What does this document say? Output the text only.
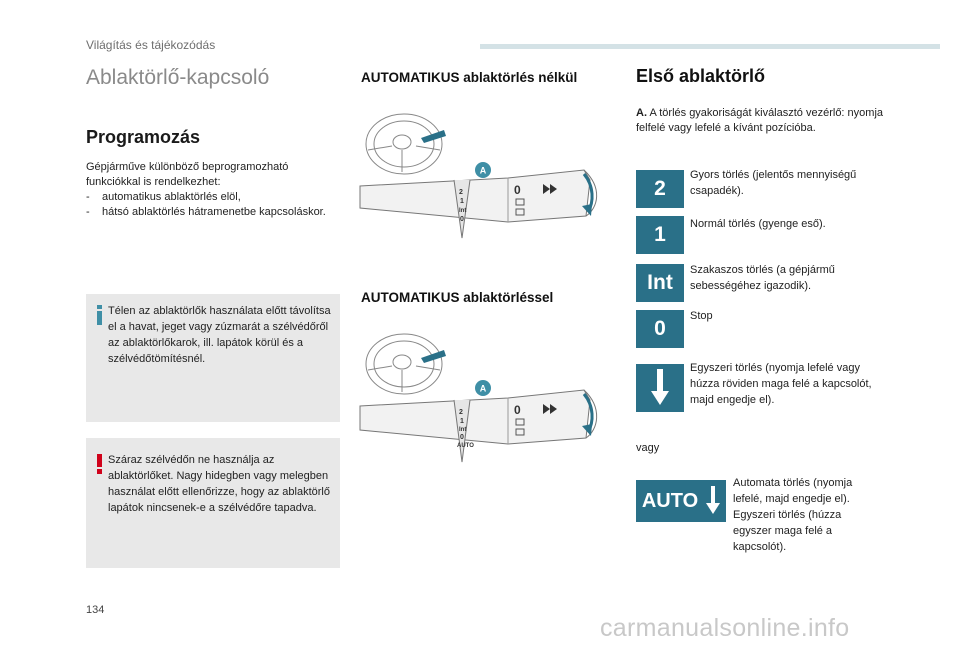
Világítás és tájékozódás
Ablaktörlő-kapcsoló
Programozás
Gépjárműve különböző beprogramozható funkciókkal is rendelkezhet:
- automatikus ablaktörlés elöl,
- hátsó ablaktörlés hátramenetbe kapcsoláskor.
Télen az ablaktörlők használata előtt távolítsa el a havat, jeget vagy zúzmarát a szélvédőről az ablaktörlőkarok, ill. lapátok körül és a szélvédőtömítésnél.
Száraz szélvédőn ne használja az ablaktörlőket. Nagy hidegben vagy melegben használat előtt ellenőrizze, hogy az ablaktörlő lapátok nincsenek-e a szélvédőre tapadva.
AUTOMATIKUS ablaktörlés nélkül
2
1
Int
0
0
A
AUTOMATIKUS ablaktörléssel
2
1
Int
0
AUTO
0
A
Első ablaktörlő
A. A törlés gyakoriságát kiválasztó vezérlő: nyomja felfelé vagy lefelé a kívánt pozícióba.
2
Gyors törlés (jelentős mennyiségű csapadék).
1	Normál törlés (gyenge eső).
Int
Szakaszos törlés (a gépjármű sebességéhez igazodik).
0
Stop
Egyszeri törlés (nyomja lefelé vagy húzza röviden maga felé a kapcsolót, majd engedje el).
vagy
AUTO
Automata törlés (nyomja lefelé, majd engedje el). Egyszeri törlés (húzza egyszer maga felé a kapcsolót).
134
carmanualsonline.info
